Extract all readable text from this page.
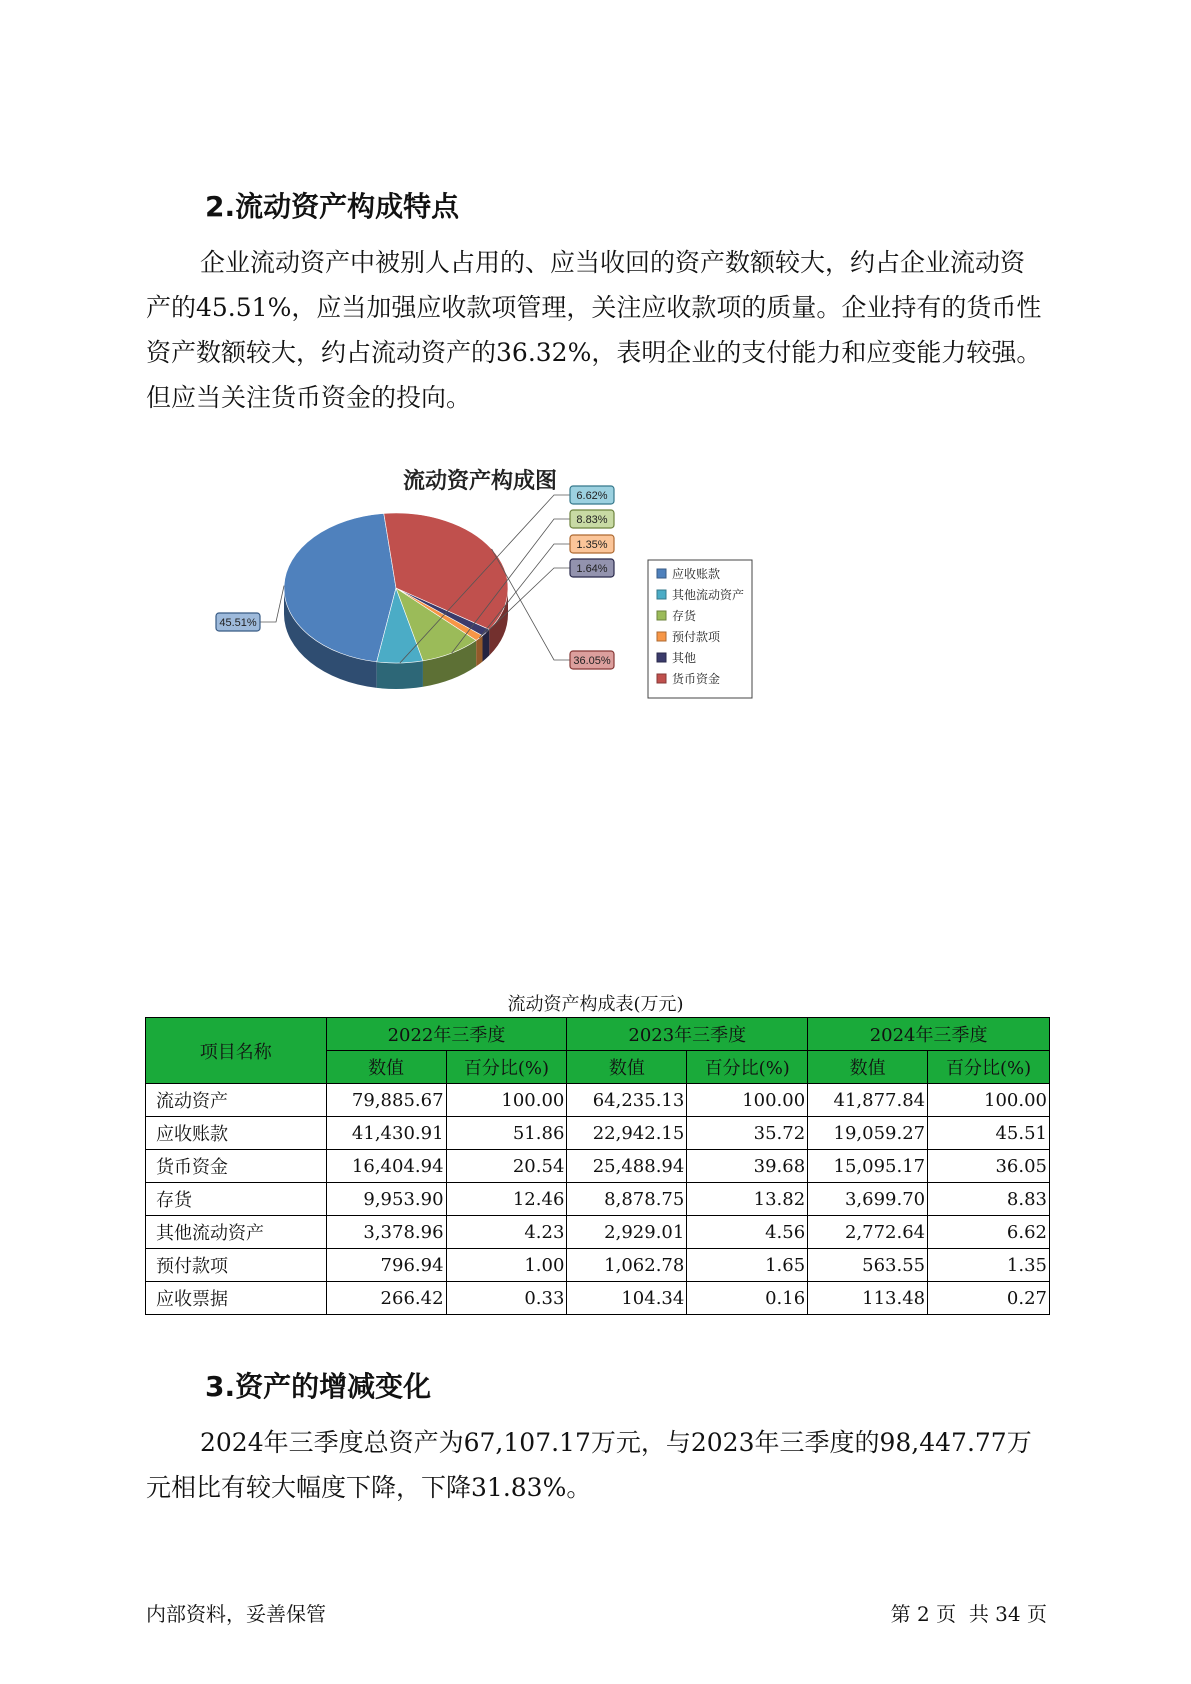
2.流动资产构成特点

企业流动资产中被别人占用的、应当收回的资产数额较大，约占企业流动资产的45.51%，应当加强应收款项管理，关注应收款项的质量。企业持有的货币性资产数额较大，约占流动资产的36.32%，表明企业的支付能力和应变能力较强。但应当关注货币资金的投向。

流动资产构成图
45.51%
6.62%
8.83%
1.35%
1.64%
36.05%
应收账款
其他流动资产
存货
预付款项
其他
货币资金
流动资产构成表(万元)
项目名称	2022年三季度		2023年三季度		2024年三季度	
	数值	百分比(%)	数值	百分比(%)	数值	百分比(%)
流动资产	79,885.67	100.00	64,235.13	100.00	41,877.84	100.00
应收账款	41,430.91	51.86	22,942.15	35.72	19,059.27	45.51
货币资金	16,404.94	20.54	25,488.94	39.68	15,095.17	36.05
存货	9,953.90	12.46	8,878.75	13.82	3,699.70	8.83
其他流动资产	3,378.96	4.23	2,929.01	4.56	2,772.64	6.62
预付款项	796.94	1.00	1,062.78	1.65	563.55	1.35
应收票据	266.42	0.33	104.34	0.16	113.48	0.27
3.资产的增减变化

2024年三季度总资产为67,107.17万元，与2023年三季度的98,447.77万元相比有较大幅度下降，下降31.83%。

内部资料，妥善保管	第 2 页  共 34 页
